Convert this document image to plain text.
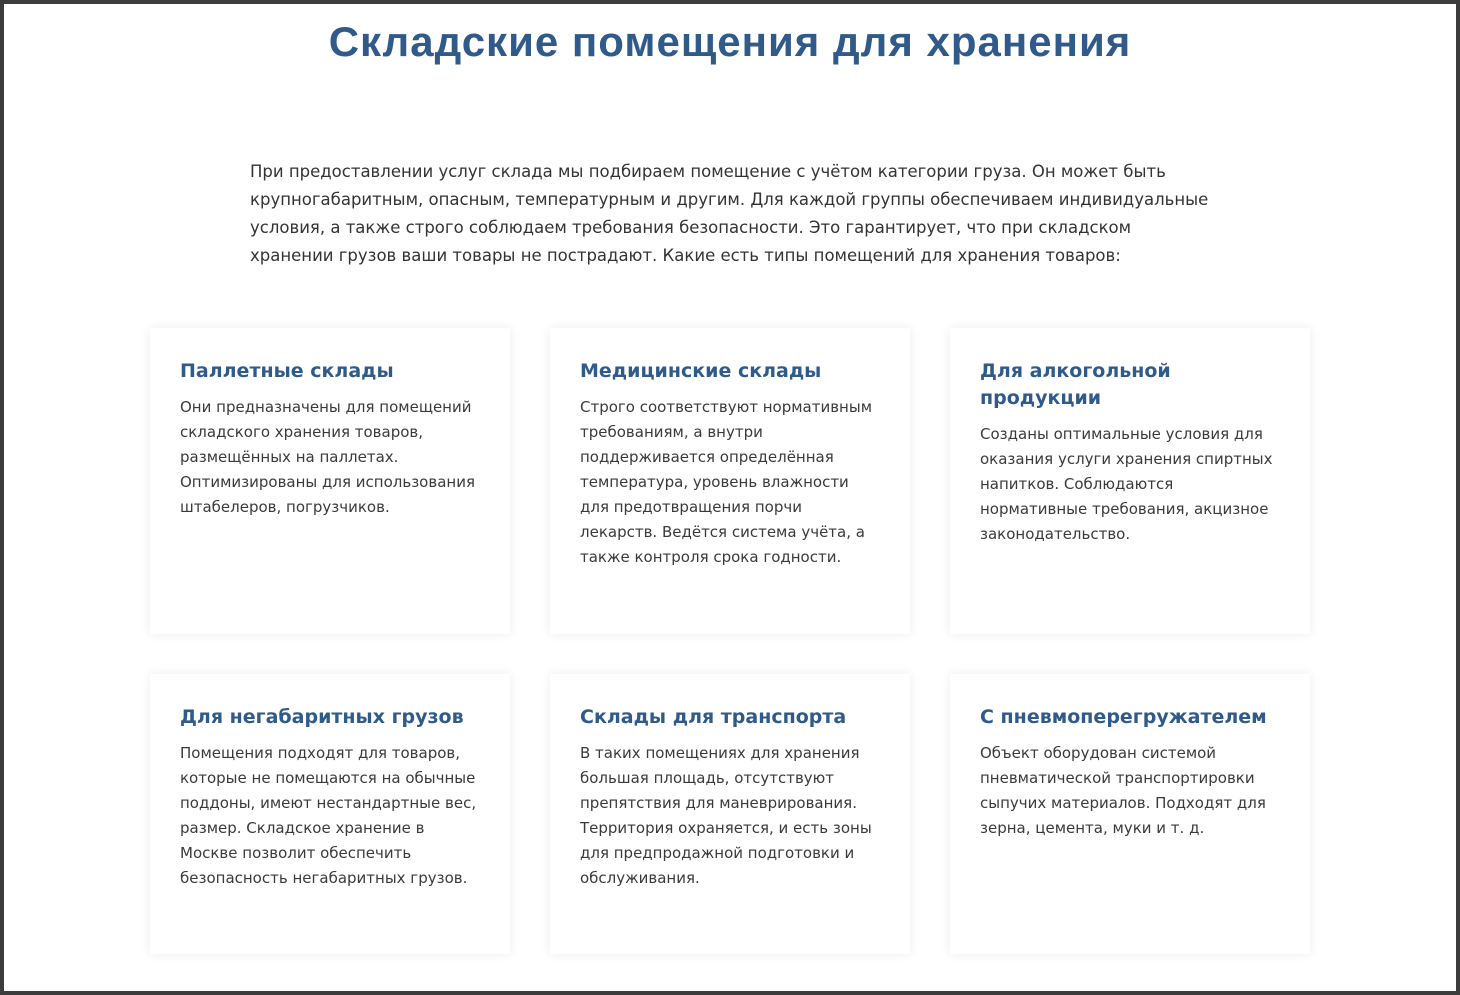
Складские помещения для хранения

При предоставлении услуг склада мы подбираем помещение с учётом категории груза. Он может быть крупногабаритным, опасным, температурным и другим. Для каждой группы обеспечиваем индивидуальные условия, а также строго соблюдаем требования безопасности. Это гарантирует, что при складском хранении грузов ваши товары не пострадают. Какие есть типы помещений для хранения товаров:

Паллетные склады

Они предназначены для помещений складского хранения товаров, размещённых на паллетах. Оптимизированы для использования штабелеров, погрузчиков.

Медицинские склады

Строго соответствуют нормативным требованиям, а внутри поддерживается определённая температура, уровень влажности для предотвращения порчи лекарств. Ведётся система учёта, а также контроля срока годности.

Для алкогольной продукции

Созданы оптимальные условия для оказания услуги хранения спиртных напитков. Соблюдаются нормативные требования, акцизное законодательство.

Для негабаритных грузов

Помещения подходят для товаров, которые не помещаются на обычные поддоны, имеют нестандартные вес, размер. Складское хранение в Москве позволит обеспечить безопасность негабаритных грузов.

Склады для транспорта

В таких помещениях для хранения большая площадь, отсутствуют препятствия для маневрирования. Территория охраняется, и есть зоны для предпродажной подготовки и обслуживания.

С пневмоперегружателем

Объект оборудован системой пневматической транспортировки сыпучих материалов. Подходят для зерна, цемента, муки и т. д.
